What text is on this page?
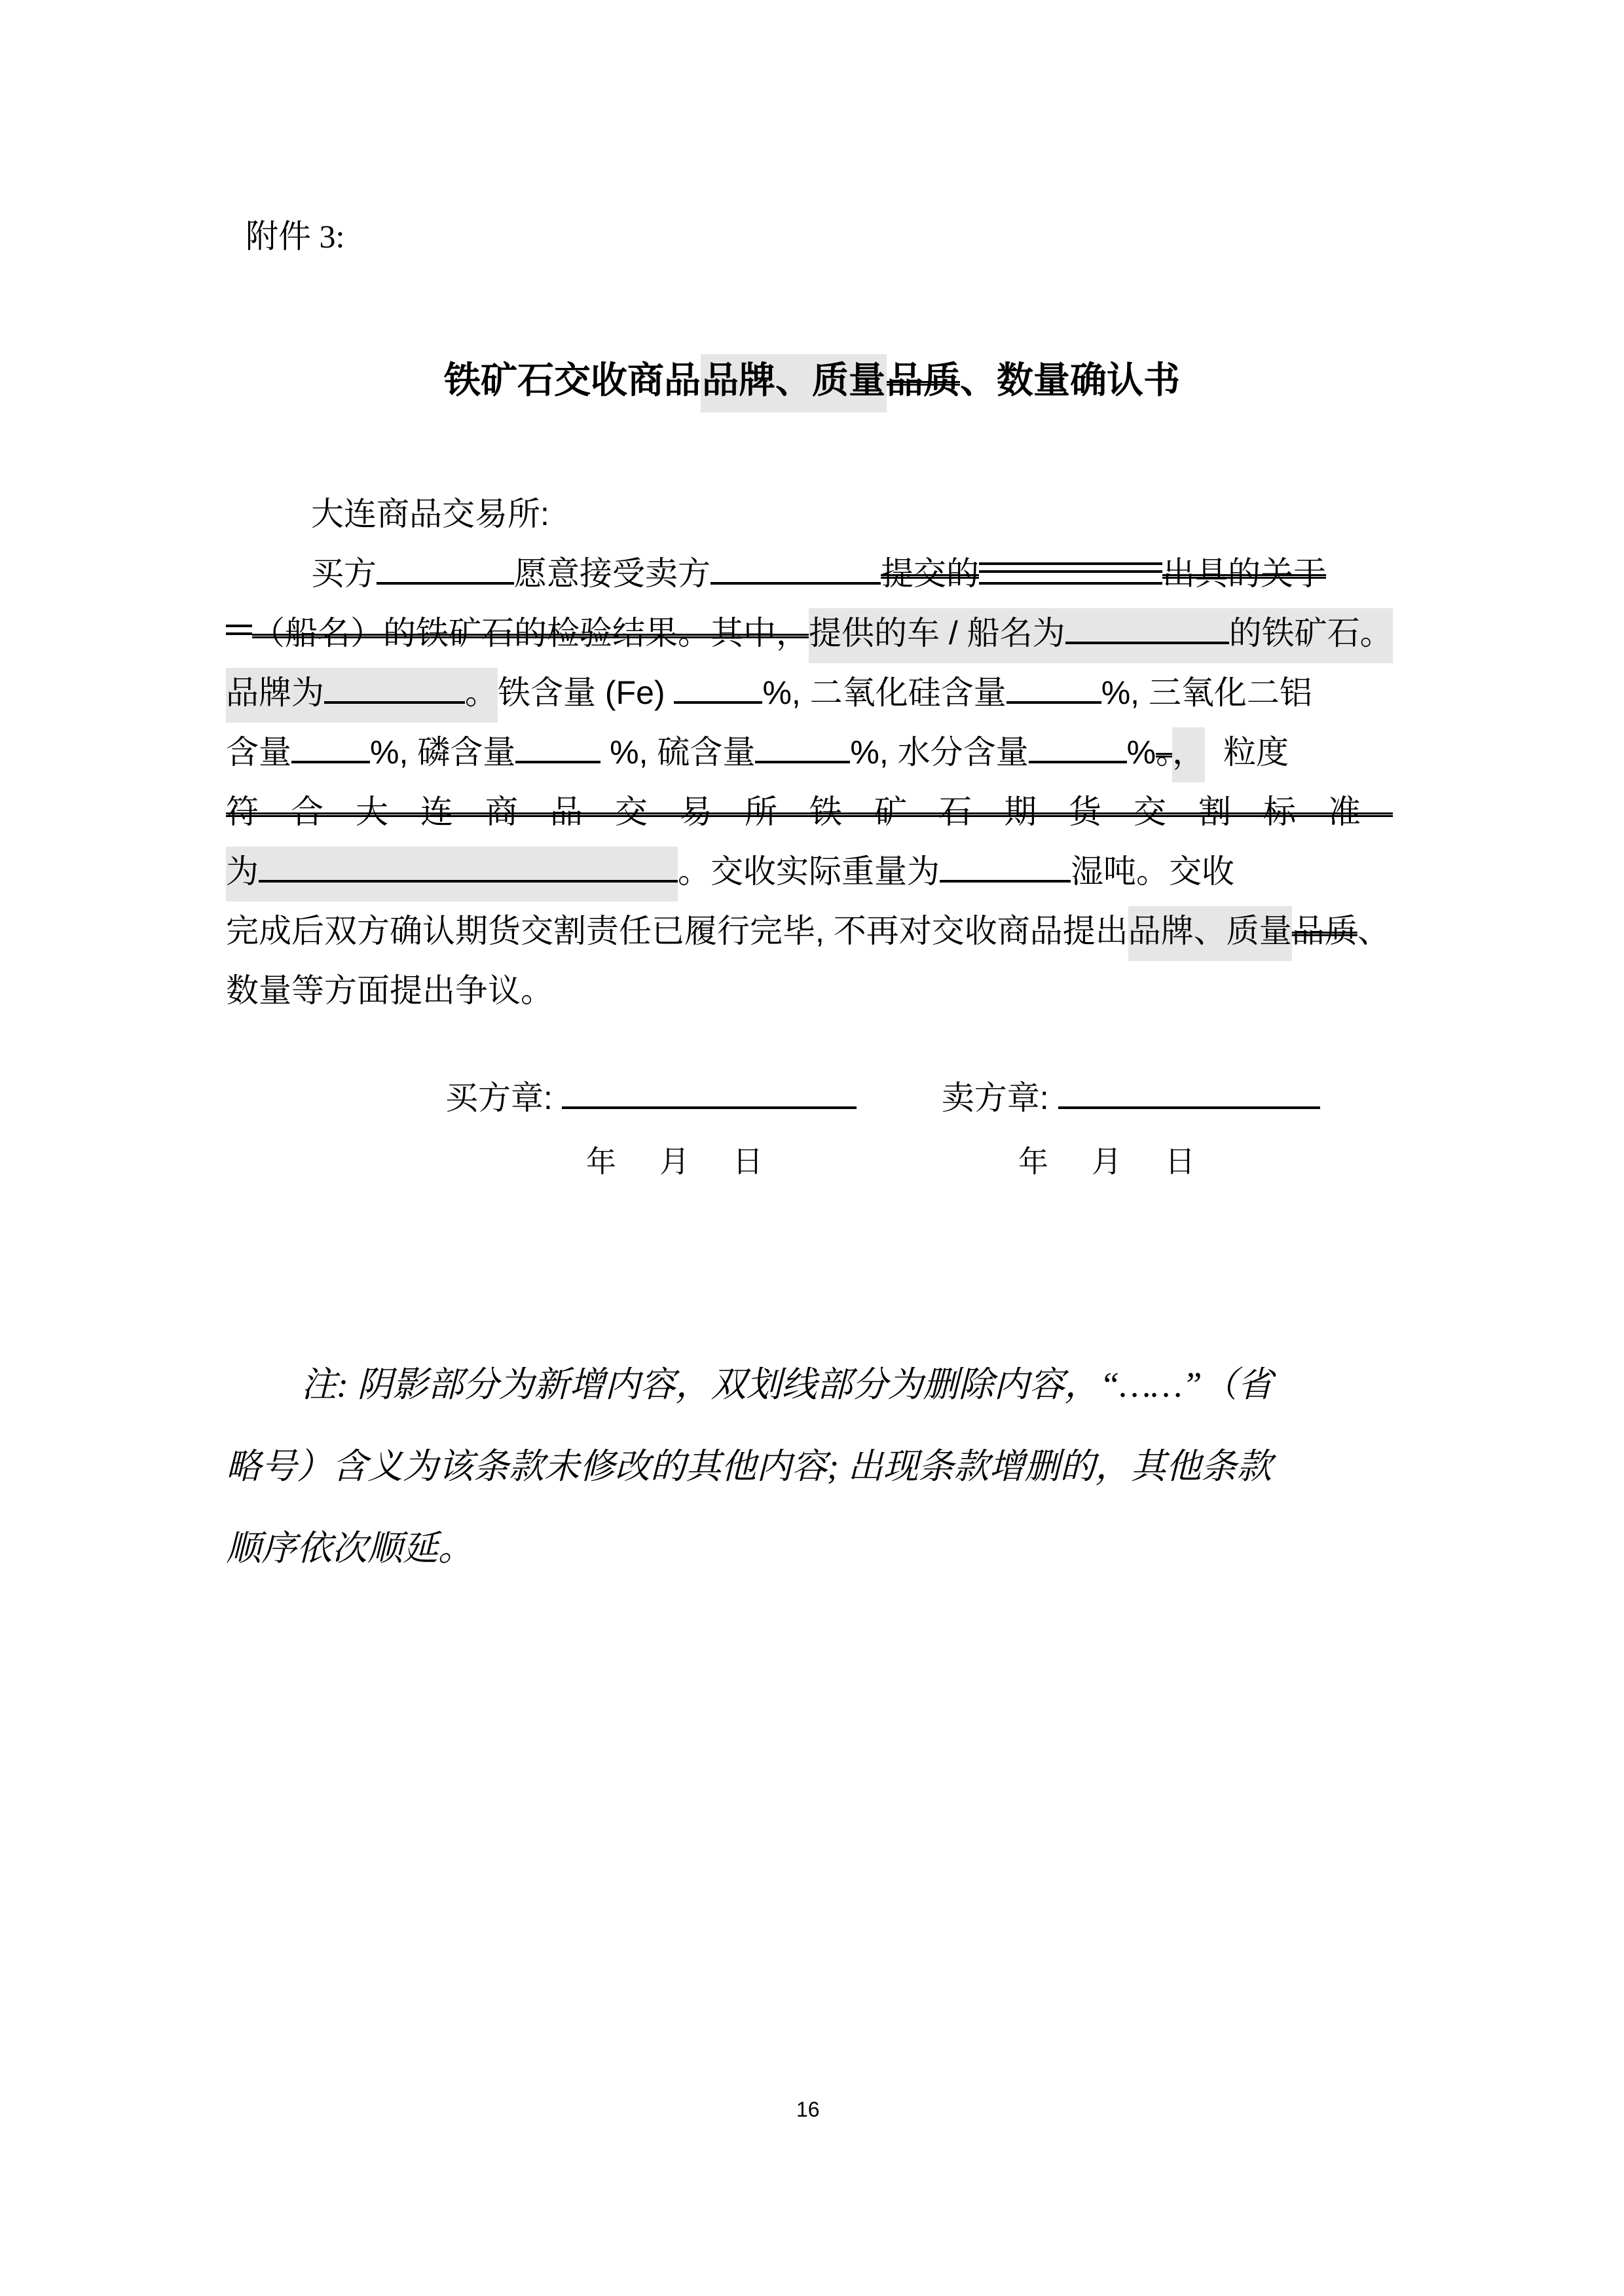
附件 3:
铁矿石交收商品品牌、质量品质、数量确认书
大连商品交易所:
买方	愿意接受卖方	提交的	出具的关于
（船名）的铁矿石的检验结果。其中，提供的车 / 船名为	的铁矿石。
品牌为	。铁含量 (Fe)	%, 二氧化硅含量	%, 三氧化二铝
含量 %, 磷含量	%, 硫含量	%, 水分含量	%。， 粒度
符合大连商品交易所铁矿石期货交割标准
为	。交收实际重量为	湿吨。交收
完成后双方确认期货交割责任已履行完毕, 不再对交收商品提出品牌、质量品质、
数量等方面提出争议。
买方章:	卖方章:
年　月　日	年　月　日
注: 阴影部分为新增内容，双划线部分为删除内容，“……”（省
略号）含义为该条款未修改的其他内容; 出现条款增删的，其他条款
顺序依次顺延。
16
